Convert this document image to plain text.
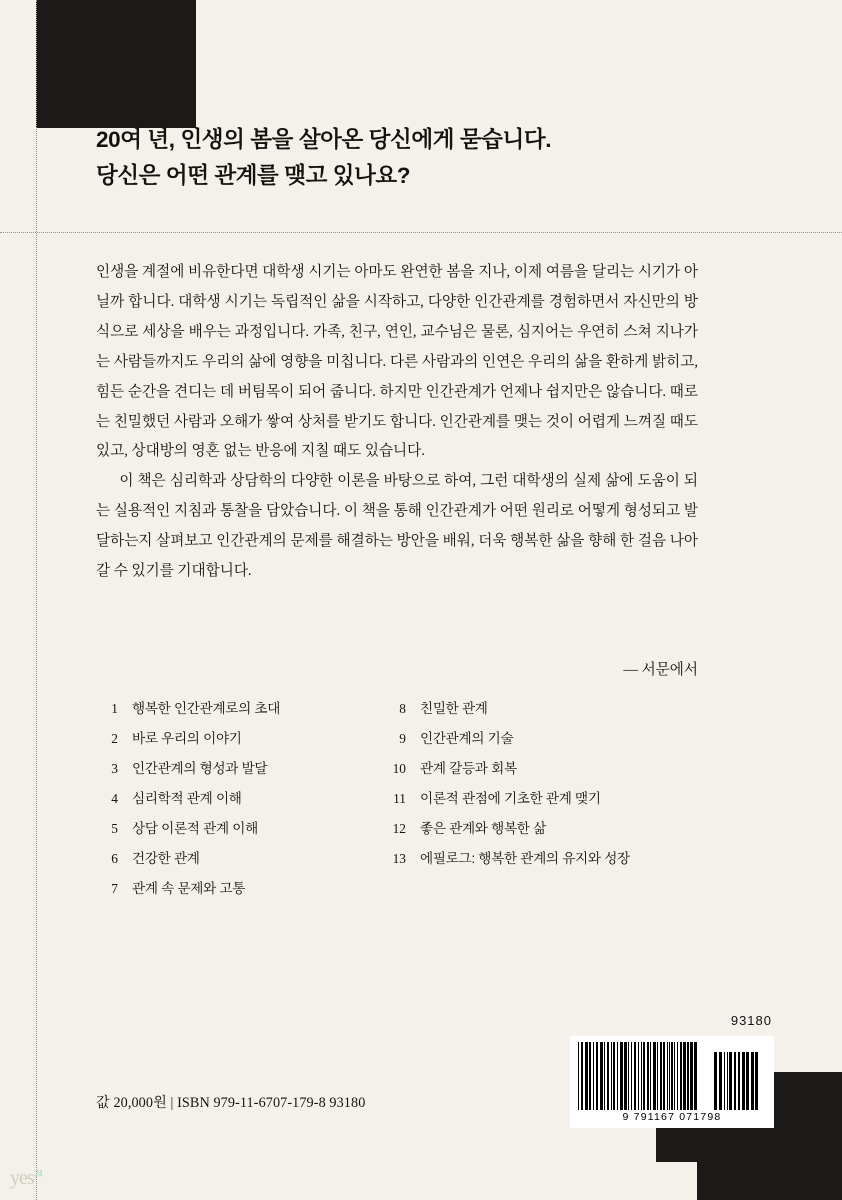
20여 년, 인생의 봄을 살아온 당신에게 묻습니다.
당신은 어떤 관계를 맺고 있나요?

인생을 계절에 비유한다면 대학생 시기는 아마도 완연한 봄을 지나, 이제 여름을 달리는 시기가 아닐까 합니다. 대학생 시기는 독립적인 삶을 시작하고, 다양한 인간관계를 경험하면서 자신만의 방식으로 세상을 배우는 과정입니다. 가족, 친구, 연인, 교수님은 물론, 심지어는 우연히 스쳐 지나가는 사람들까지도 우리의 삶에 영향을 미칩니다. 다른 사람과의 인연은 우리의 삶을 환하게 밝히고, 힘든 순간을 견디는 데 버팀목이 되어 줍니다. 하지만 인간관계가 언제나 쉽지만은 않습니다. 때로는 친밀했던 사람과 오해가 쌓여 상처를 받기도 합니다. 인간관계를 맺는 것이 어렵게 느껴질 때도 있고, 상대방의 영혼 없는 반응에 지칠 때도 있습니다.

이 책은 심리학과 상담학의 다양한 이론을 바탕으로 하여, 그런 대학생의 실제 삶에 도움이 되는 실용적인 지침과 통찰을 담았습니다. 이 책을 통해 인간관계가 어떤 원리로 어떻게 형성되고 발달하는지 살펴보고 인간관계의 문제를 해결하는 방안을 배워, 더욱 행복한 삶을 향해 한 걸음 나아갈 수 있기를 기대합니다.

— 서문에서
1	행복한 인간관계로의 초대
2	바로 우리의 이야기
3	인간관계의 형성과 발달
4	심리학적 관계 이해
5	상담 이론적 관계 이해
6	건강한 관계
7	관계 속 문제와 고통
8	친밀한 관계
9	인간관계의 기술
10	관계 갈등과 회복
11	이론적 관점에 기초한 관계 맺기
12	좋은 관계와 행복한 삶
13	에필로그: 행복한 관계의 유지와 성장
값 20,000원 | ISBN 979-11-6707-179-8 93180
93180
9 791167 071798
yes$^{24}$
